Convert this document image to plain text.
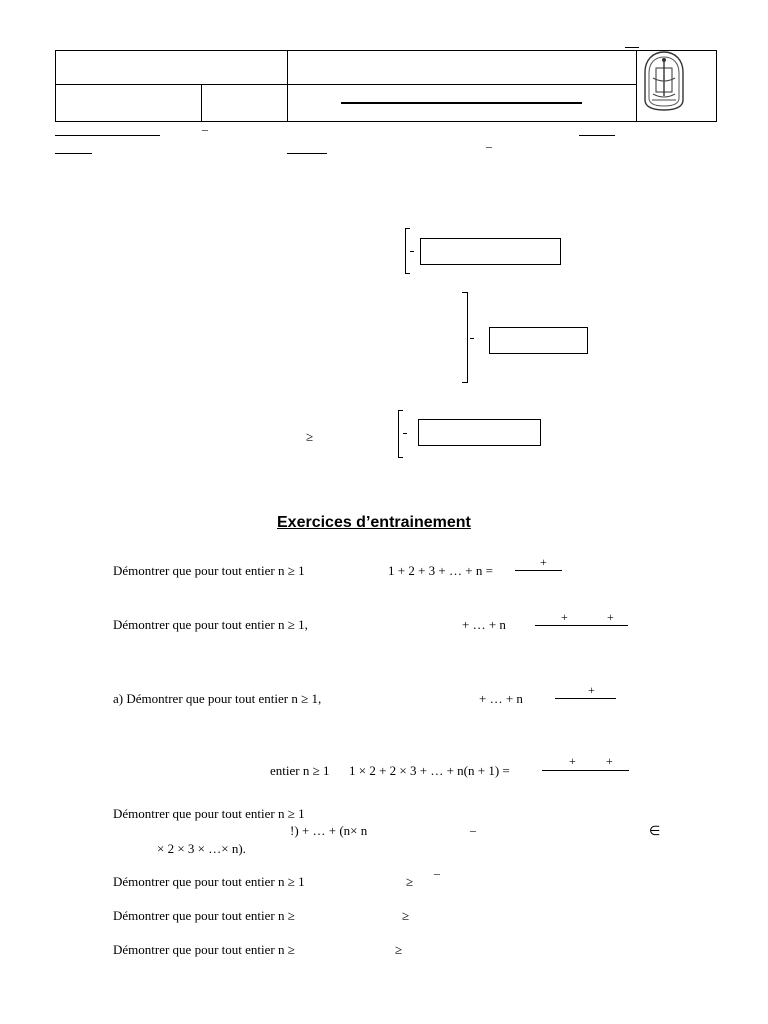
–
–
≥
Exercices d’entrainement
Démontrer que pour tout entier n ≥ 1	1 + 2 + 3 + … + n =
+
Démontrer que pour tout entier n ≥ 1,	+ … + n	+	+
a) Démontrer que pour tout entier n ≥ 1,	+ … + n
+
entier n ≥ 1 1 × 2 + 2 × 3 + … + n(n + 1) =
+	+
Démontrer que pour tout entier n ≥ 1
!) + … + (n× n	–	∈
× 2 × 3 × …× n).
Démontrer que pour tout entier n ≥ 1	≥
–
Démontrer que pour tout entier n ≥	≥
Démontrer que pour tout entier n ≥	≥
